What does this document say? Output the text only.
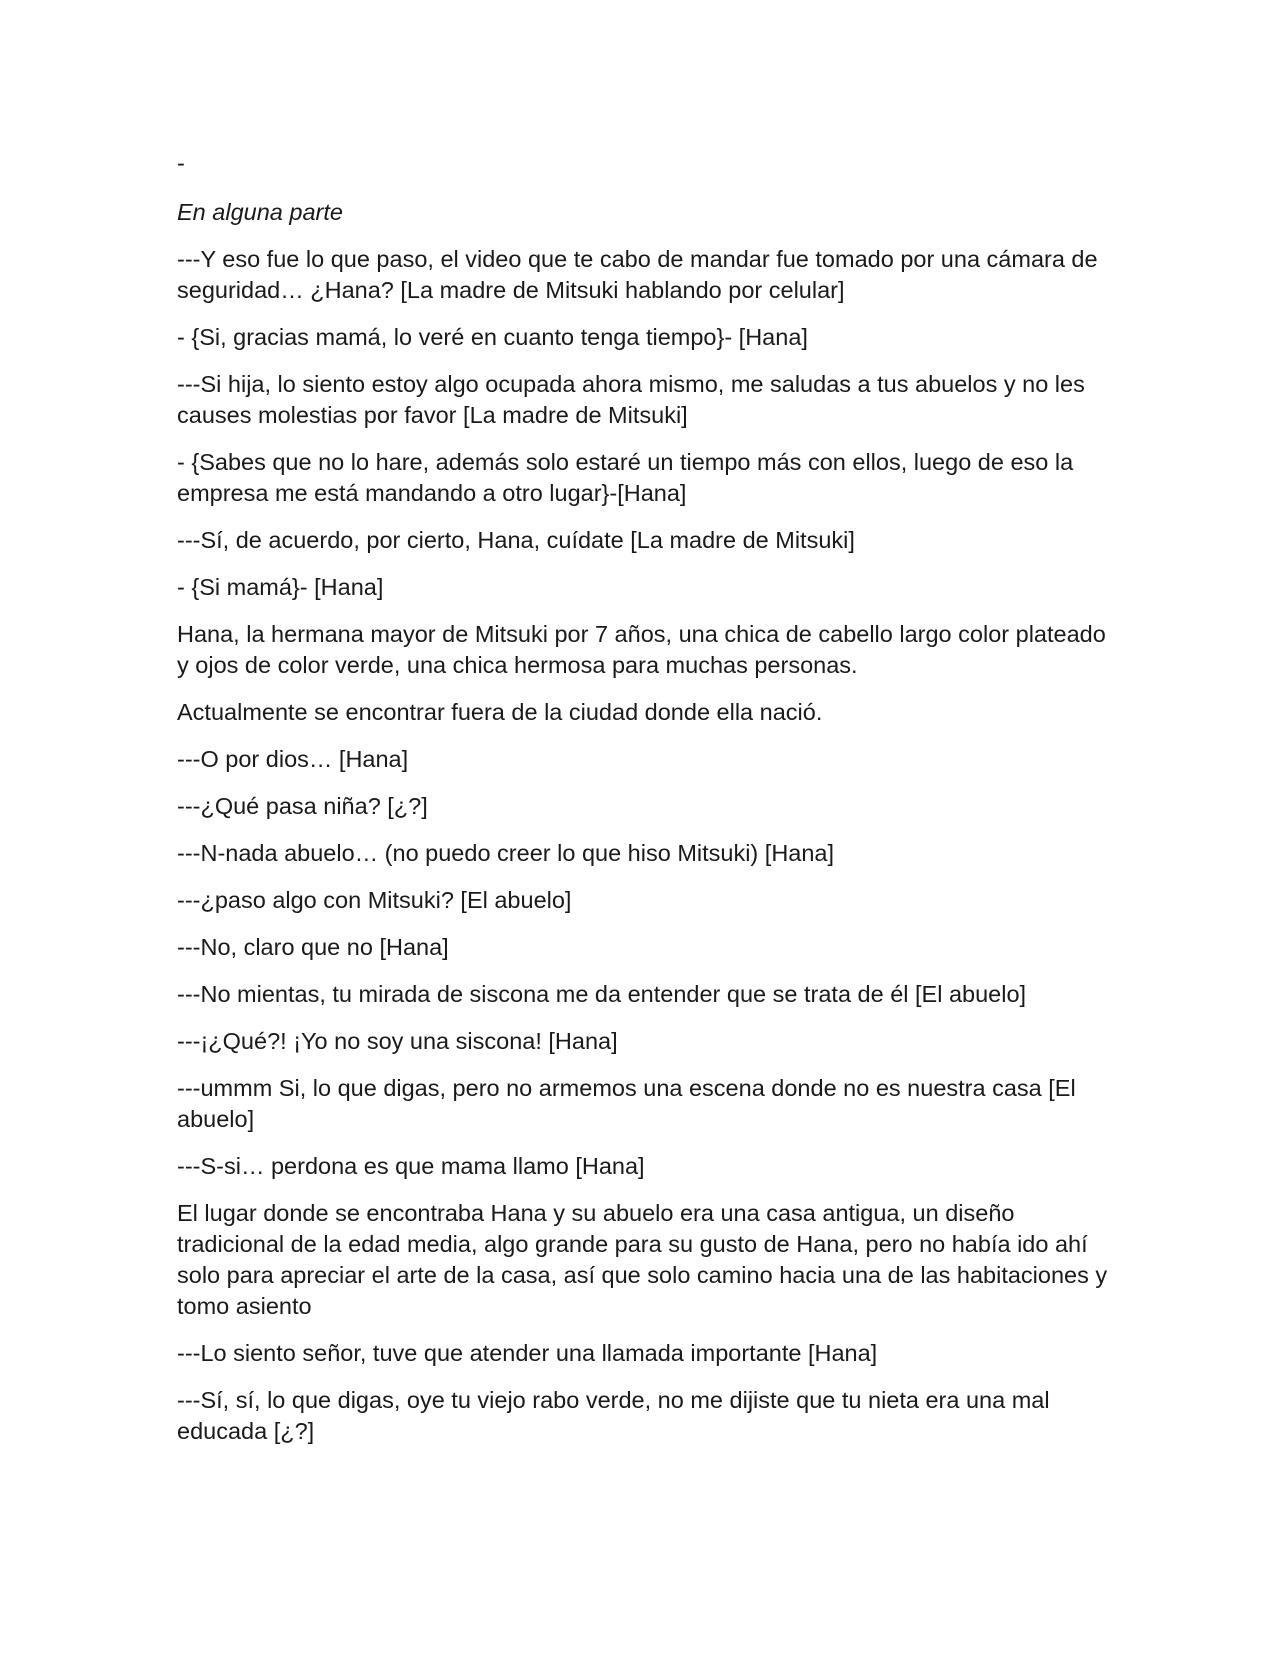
-

En alguna parte

---Y eso fue lo que paso, el video que te cabo de mandar fue tomado por una cámara de seguridad… ¿Hana? [La madre de Mitsuki hablando por celular]

- {Si, gracias mamá, lo veré en cuanto tenga tiempo}- [Hana]

---Si hija, lo siento estoy algo ocupada ahora mismo, me saludas a tus abuelos y no les causes molestias por favor [La madre de Mitsuki]

- {Sabes que no lo hare, además solo estaré un tiempo más con ellos, luego de eso la empresa me está mandando a otro lugar}-[Hana]

---Sí, de acuerdo, por cierto, Hana, cuídate [La madre de Mitsuki]

- {Si mamá}- [Hana]

Hana, la hermana mayor de Mitsuki por 7 años, una chica de cabello largo color plateado y ojos de color verde, una chica hermosa para muchas personas.

Actualmente se encontrar fuera de la ciudad donde ella nació.

---O por dios… [Hana]

---¿Qué pasa niña? [¿?]

---N-nada abuelo… (no puedo creer lo que hiso Mitsuki) [Hana]

---¿paso algo con Mitsuki? [El abuelo]

---No, claro que no [Hana]

---No mientas, tu mirada de siscona me da entender que se trata de él [El abuelo]

---¡¿Qué?! ¡Yo no soy una siscona! [Hana]

---ummm Si, lo que digas, pero no armemos una escena donde no es nuestra casa [El abuelo]

---S-si… perdona es que mama llamo [Hana]

El lugar donde se encontraba Hana y su abuelo era una casa antigua, un diseño tradicional de la edad media, algo grande para su gusto de Hana, pero no había ido ahí solo para apreciar el arte de la casa, así que solo camino hacia una de las habitaciones y tomo asiento

---Lo siento señor, tuve que atender una llamada importante [Hana]

---Sí, sí, lo que digas, oye tu viejo rabo verde, no me dijiste que tu nieta era una mal educada [¿?]
